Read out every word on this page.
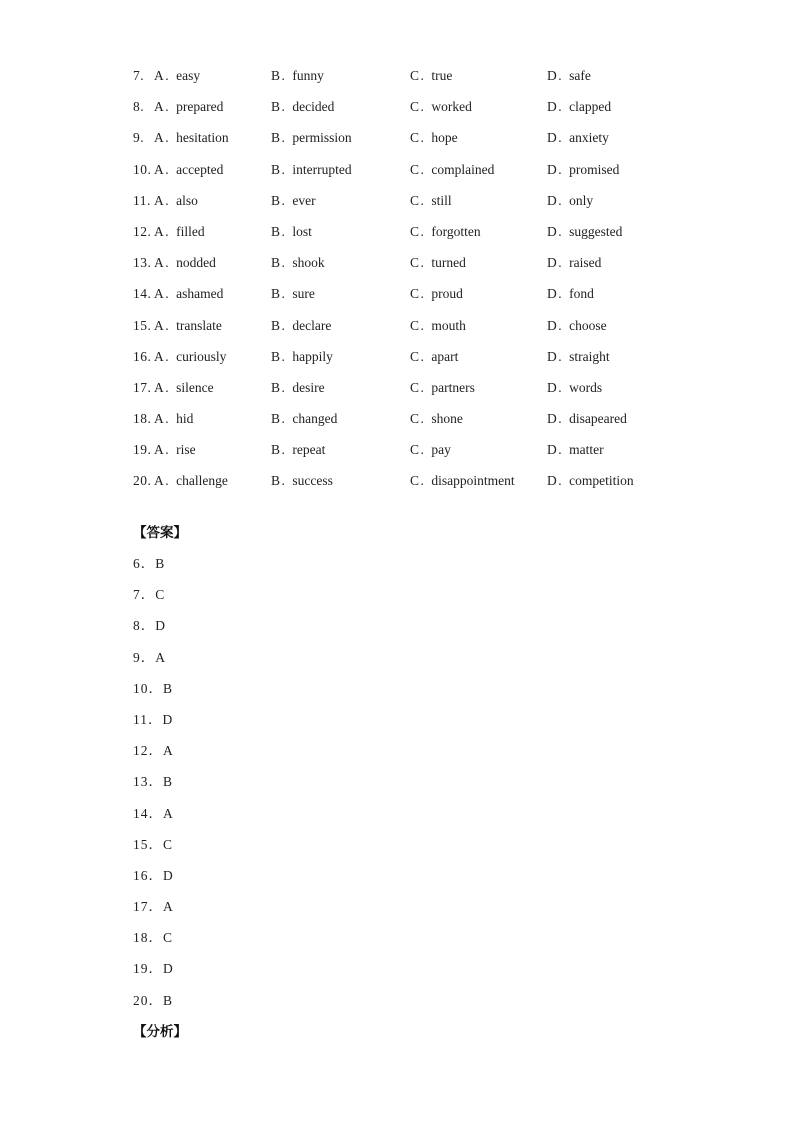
7. A. easy	B. funny	C. true	D. safe
8. A. prepared	B. decided	C. worked	D. clapped
9. A. hesitation	B. permission	C. hope	D. anxiety
10. A. accepted	B. interrupted	C. complained	D. promised
11. A. also	B. ever	C. still	D. only
12. A. filled	B. lost	C. forgotten	D. suggested
13. A. nodded	B. shook	C. turned	D. raised
14. A. ashamed	B. sure	C. proud	D. fond
15. A. translate	B. declare	C. mouth	D. choose
16. A. curiously	B. happily	C. apart	D. straight
17. A. silence	B. desire	C. partners	D. words
18. A. hid	B. changed	C. shone	D. disapeared
19. A. rise	B. repeat	C. pay	D. matter
20. A. challenge	B. success	C. disappointment D. competition
【答案】
6．B
7．C
8．D
9．A
10．B
11．D
12．A
13．B
14．A
15．C
16．D
17．A
18．C
19．D
20．B
【分析】
